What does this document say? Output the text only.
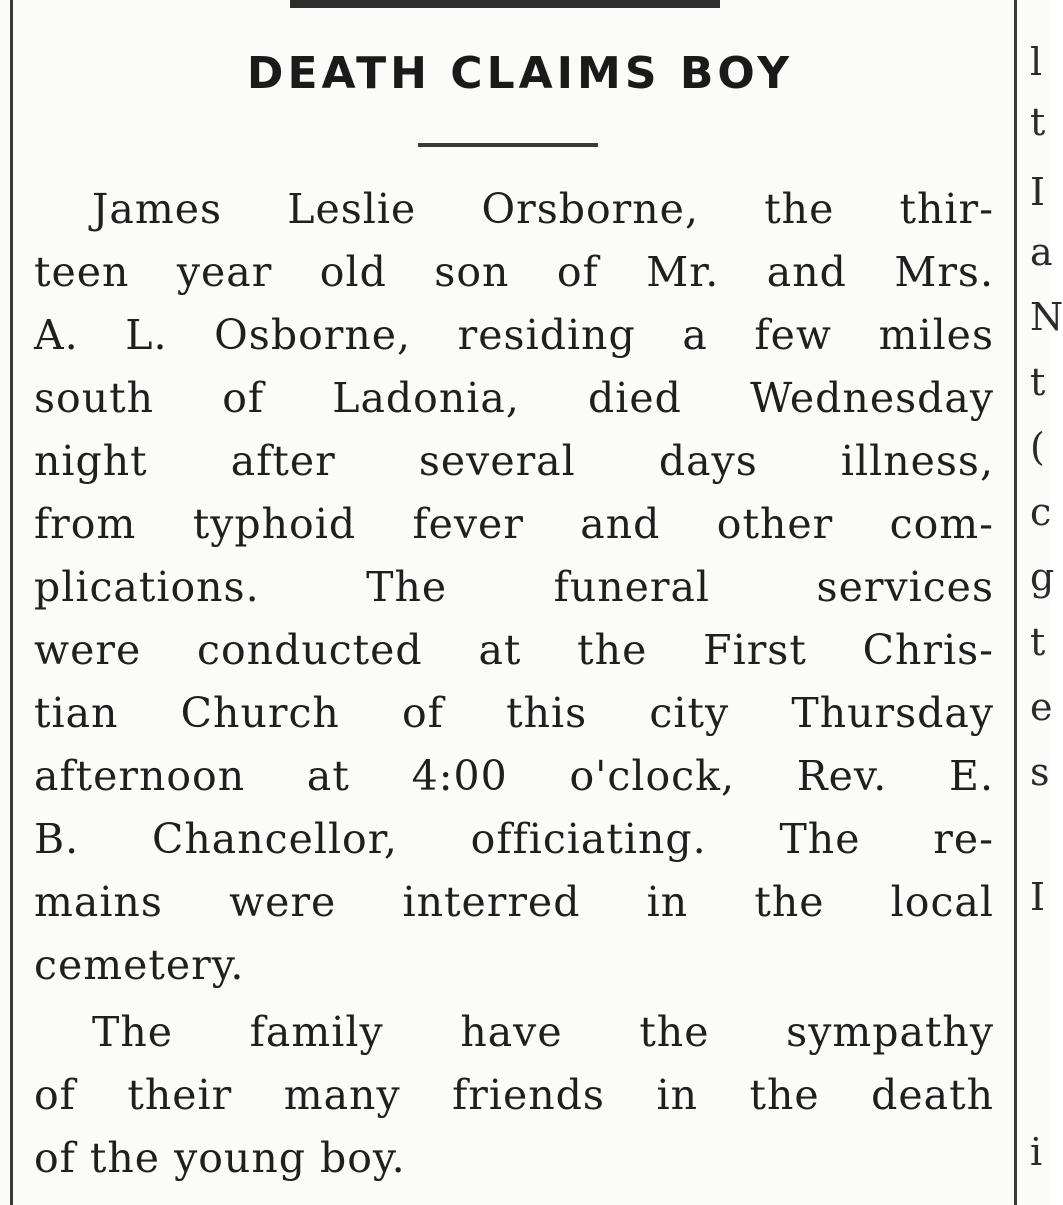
DEATH CLAIMS BOY
James Leslie Orsborne, the thir-
teen year old son of Mr. and Mrs.
A. L. Osborne, residing a few miles
south of Ladonia, died Wednesday
night after several days illness,
from typhoid fever and other com-
plications. The funeral services
were conducted at the First Chris-
tian Church of this city Thursday
afternoon at 4:00 o'clock, Rev. E.
B. Chancellor, officiating. The re-
mains were interred in the local
cemetery.
The family have the sympathy
of their many friends in the death
of the young boy.
l
t
I
a
N
t
(
c
g
t
e
s
I
i
